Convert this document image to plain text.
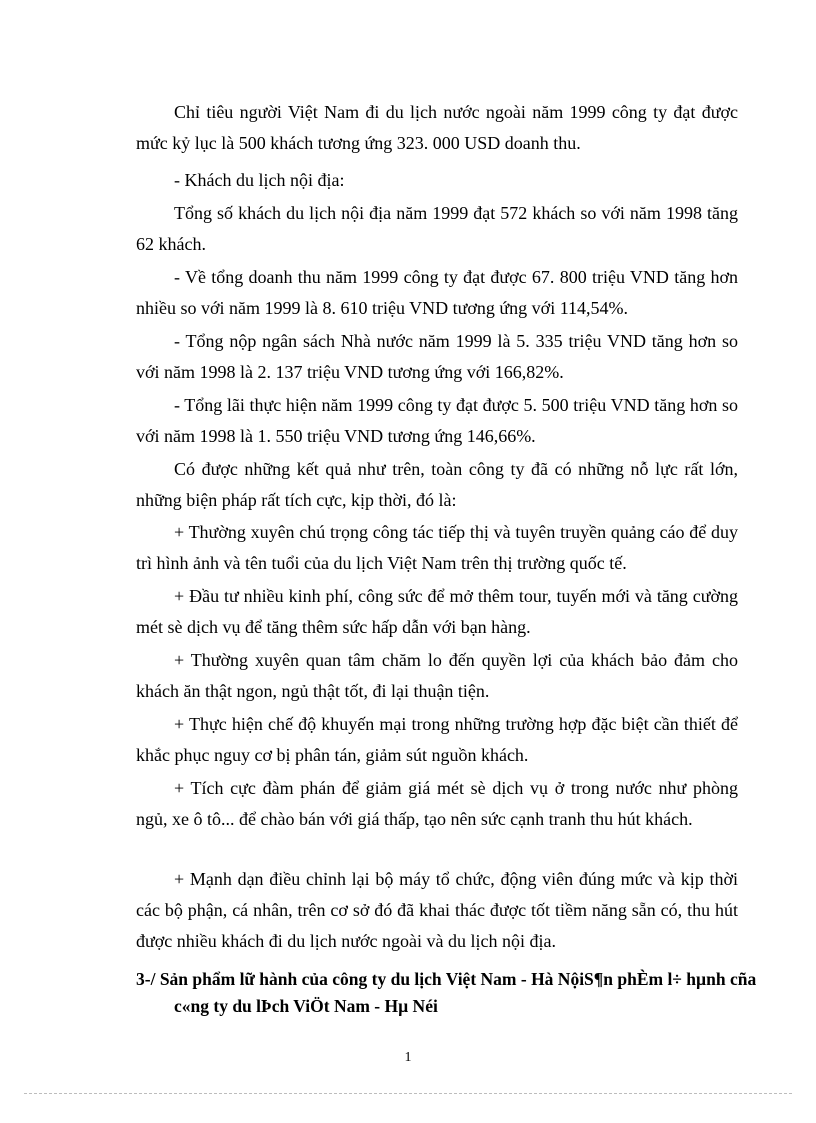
Chỉ tiêu người Việt Nam đi du lịch nước ngoài năm 1999 công ty đạt được mức kỷ lục là 500 khách tương ứng 323. 000 USD doanh thu.

- Khách du lịch nội địa:

Tổng số khách du lịch nội địa năm 1999 đạt 572 khách so với năm 1998 tăng 62 khách.

- Về tổng doanh thu năm 1999 công ty đạt được 67. 800 triệu VND tăng hơn nhiều so với năm 1999 là 8. 610 triệu VND tương ứng với 114,54%.

- Tổng nộp ngân sách Nhà nước năm 1999 là 5. 335 triệu VND tăng hơn so với năm 1998 là 2. 137 triệu VND tương ứng với 166,82%.

- Tổng lãi thực hiện năm 1999 công ty đạt được 5. 500 triệu VND tăng hơn so với năm 1998 là 1. 550 triệu VND tương ứng 146,66%.

Có được những kết quả như trên, toàn công ty đã có những nỗ lực rất lớn, những biện pháp rất tích cực, kịp thời, đó là:

+ Thường xuyên chú trọng công tác tiếp thị và tuyên truyền quảng cáo để duy trì hình ảnh và tên tuổi của du lịch Việt Nam trên thị trường quốc tế.

+ Đầu tư nhiều kinh phí, công sức để mở thêm tour, tuyến mới và tăng cường mét sè dịch vụ để tăng thêm sức hấp dẫn với bạn hàng.

+ Thường xuyên quan tâm chăm lo đến quyền lợi của khách bảo đảm cho khách ăn thật ngon, ngủ thật tốt, đi lại thuận tiện.

+ Thực hiện chế độ khuyến mại trong những trường hợp đặc biệt cần thiết để khắc phục nguy cơ bị phân tán, giảm sút nguồn khách.

+ Tích cực đàm phán để giảm giá mét sè dịch vụ ở trong nước như phòng ngủ, xe ô tô... để chào bán với giá thấp, tạo nên sức cạnh tranh thu hút khách.

+ Mạnh dạn điều chỉnh lại bộ máy tổ chức, động viên đúng mức và kịp thời các bộ phận, cá nhân, trên cơ sở đó đã khai thác được tốt tiềm năng sẵn có, thu hút được nhiều khách đi du lịch nước ngoài và du lịch nội địa.

3-/ Sản phẩm lữ hành của công ty du lịch Việt Nam - Hà NộiS¶n phÈm l÷ hµnh cña c«ng ty du lÞch ViÖt Nam - Hµ Néi

1
